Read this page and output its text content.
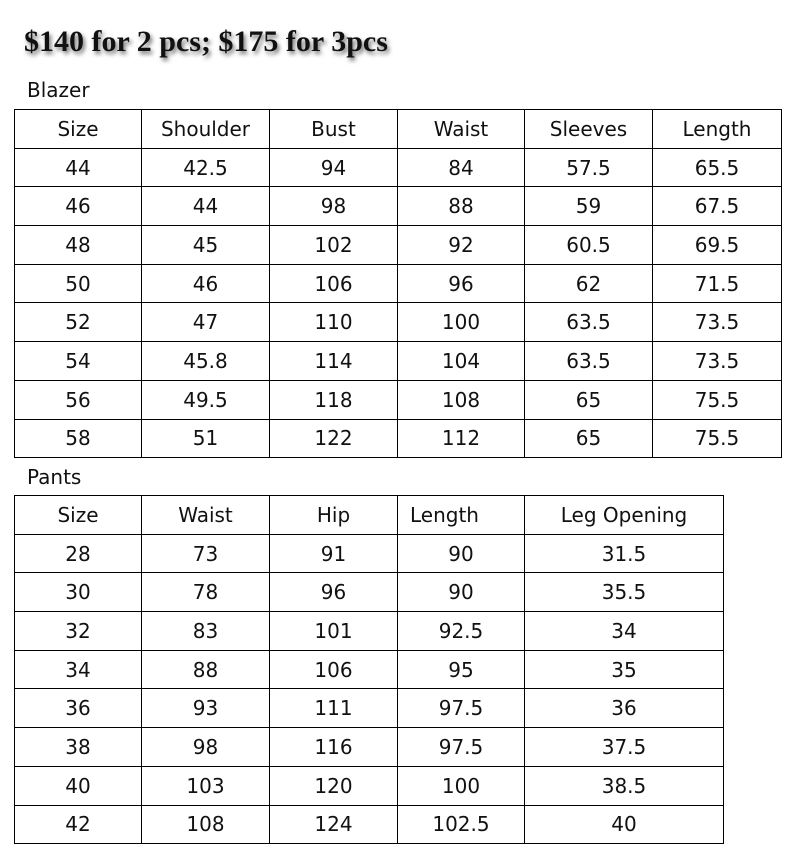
$140 for 2 pcs; $175 for 3pcs
Blazer
Size	Shoulder	Bust	Waist	Sleeves	Length
44	42.5	94	84	57.5	65.5
46	44	98	88	59	67.5
48	45	102	92	60.5	69.5
50	46	106	96	62	71.5
52	47	110	100	63.5	73.5
54	45.8	114	104	63.5	73.5
56	49.5	118	108	65	75.5
58	51	122	112	65	75.5
Pants
Size	Waist	Hip	Length	Leg Opening
28	73	91	90	31.5
30	78	96	90	35.5
32	83	101	92.5	34
34	88	106	95	35
36	93	111	97.5	36
38	98	116	97.5	37.5
40	103	120	100	38.5
42	108	124	102.5	40
